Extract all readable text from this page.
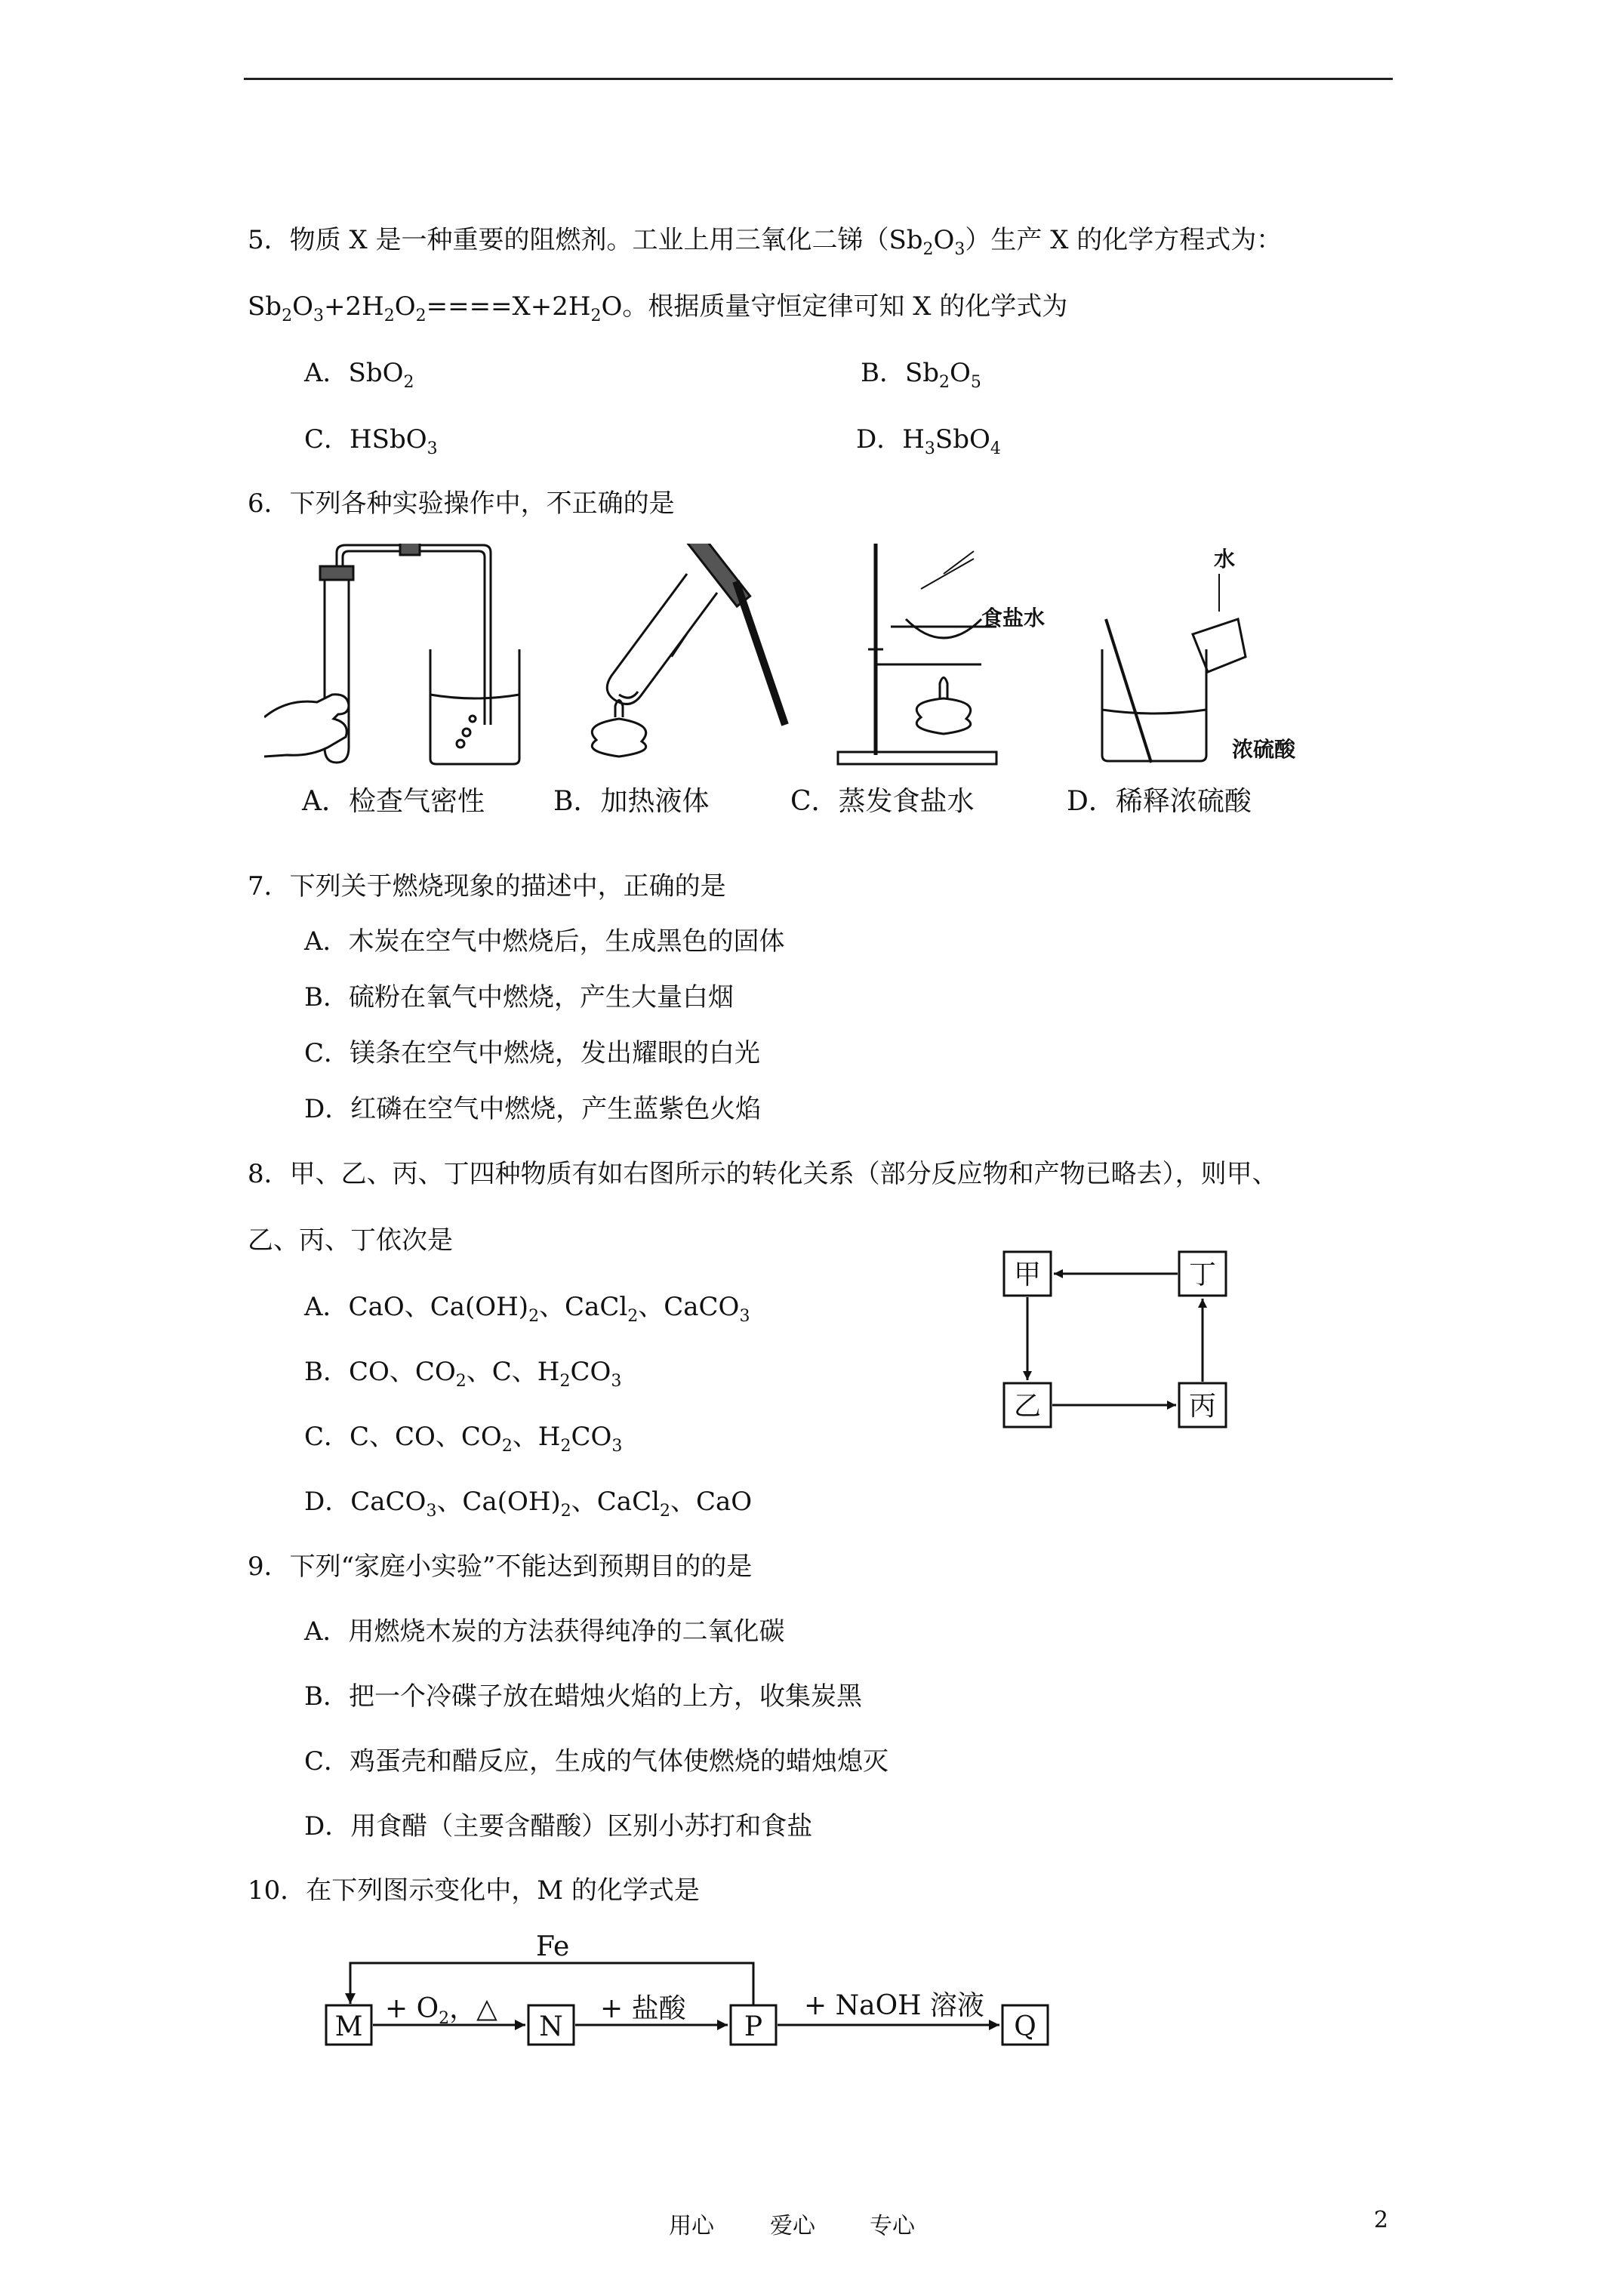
5．物质 X 是一种重要的阻燃剂。工业上用三氧化二锑$(Sb_2O_3)$生产 X 的化学方程式为：
$Sb_2O_3+2H_2O_2====X+2H_2O$。根据质量守恒定律可知 X 的化学式为
A．SbO$_2$	B．$Sb_2O_5$
C．HSbO$_3$	D．$H_3SbO_4$
6．下列各种实验操作中，不正确的是
食盐水
水
浓硫酸
A．检查气密性	B．加热液体	C．蒸发食盐水	D．稀释浓硫酸
7．下列关于燃烧现象的描述中，正确的是
A．木炭在空气中燃烧后，生成黑色的固体
B．硫粉在氧气中燃烧，产生大量白烟
C．镁条在空气中燃烧，发出耀眼的白光
D．红磷在空气中燃烧，产生蓝紫色火焰
8．甲、乙、丙、丁四种物质有如右图所示的转化关系（部分反应物和产物已略去），则甲、
乙、丙、丁依次是
A．CaO、$Ca(OH)_2$、CaCl$_2$、CaCO$_3$
B．CO、$CO_2$、C、$H_2CO_3$
C．C、CO、$CO_2$、$H_2CO_3$
D．CaCO$_3$、$Ca(OH)_2$、CaCl$_2$、CaO
甲	丁
乙	丙
9．下列“家庭小实验”不能达到预期目的的是
A．用燃烧木炭的方法获得纯净的二氧化碳
B．把一个冷碟子放在蜡烛火焰的上方，收集炭黑
C．鸡蛋壳和醋反应，生成的气体使燃烧的蜡烛熄灭
D．用食醋（主要含醋酸）区别小苏打和食盐
10．在下列图示变化中，M 的化学式是
Fe
M	N	P	Q
+ $O_2$，△	+ 盐酸	+ NaOH 溶液
用心 爱心 专心	2
